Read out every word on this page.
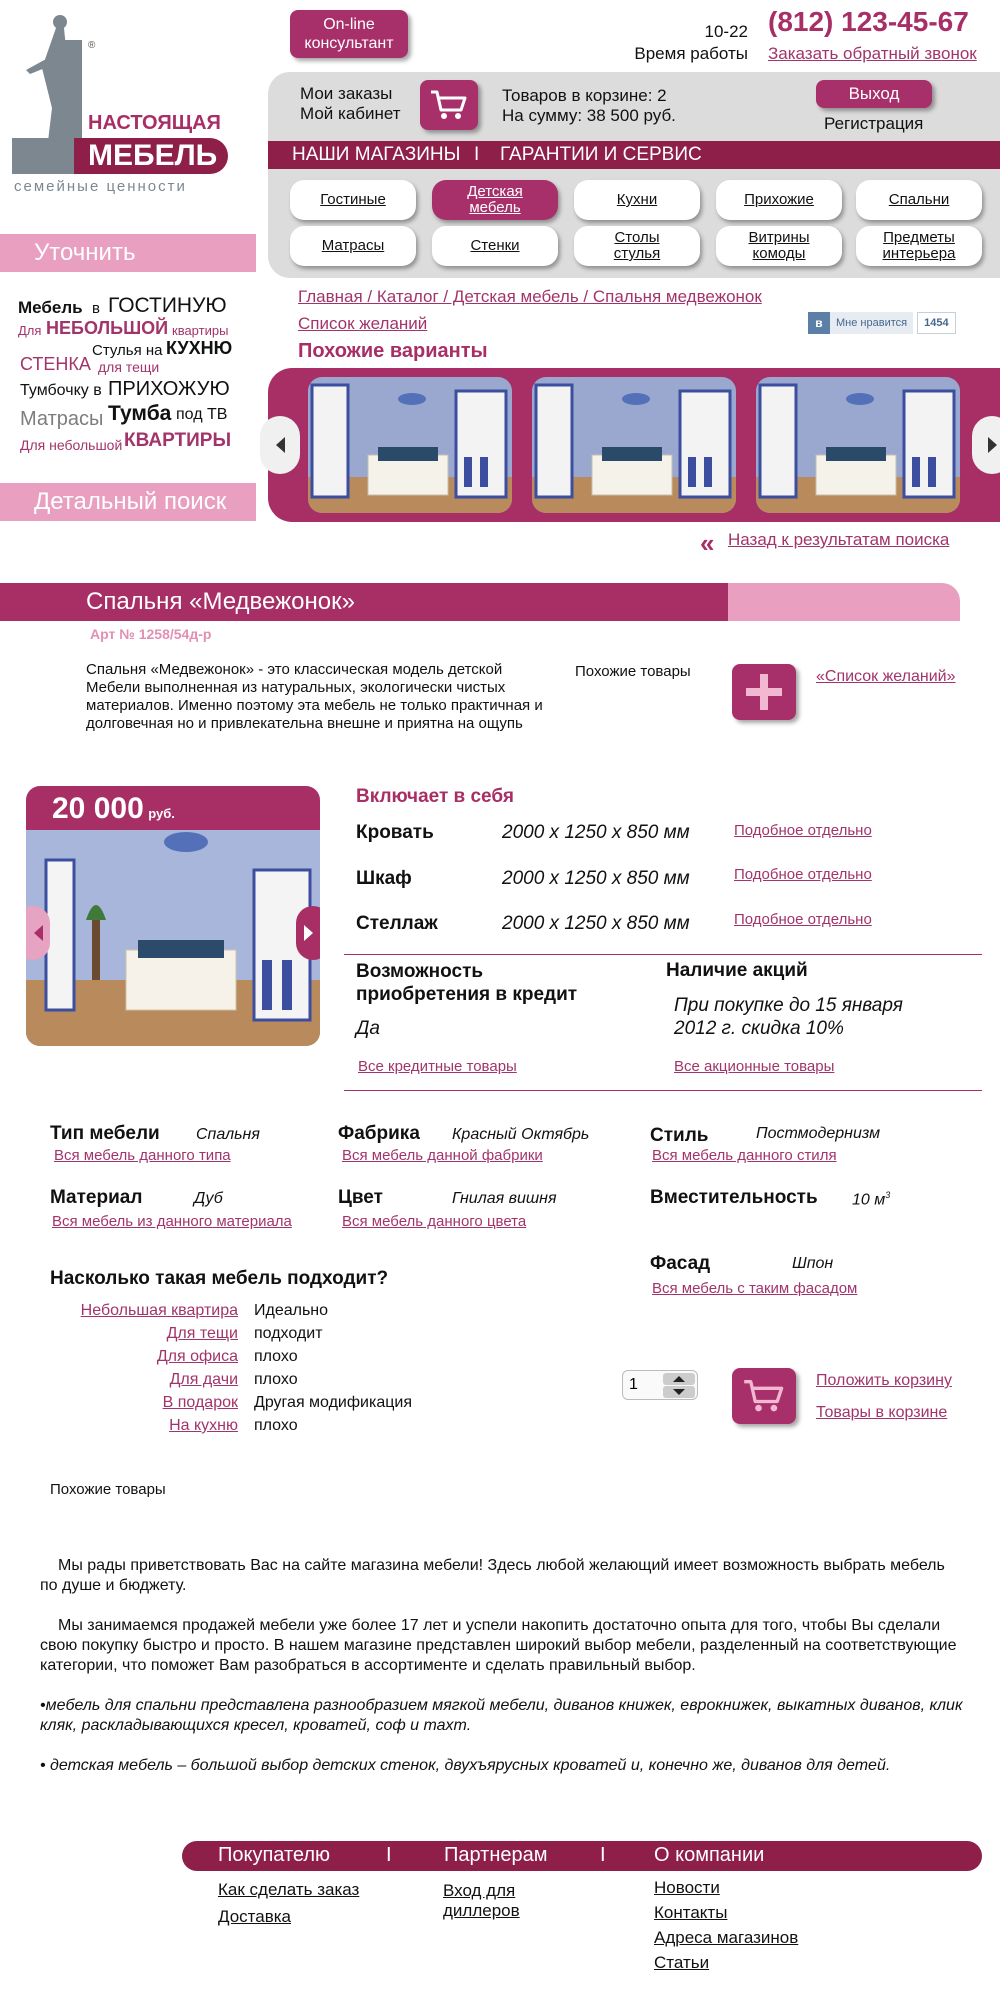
®
НАСТОЯЩАЯ
МЕБЕЛЬ
семейные ценности
On-line
консультант
10-22
Время работы
(812) 123-45-67
Заказать обратный звонок
Мои заказы
Мой кабинет
Товаров в корзине: 2
На сумму: 38 500 руб.
Выход
Регистрация
НАШИ МАГАЗИНЫ I ГАРАНТИИ И СЕРВИС
Гостиные	Детская мебель	Кухни	Прихожие	Спальни
Матрасы	Стенки	Столы стулья
Витрины комоды
Предметы интерьера
Уточнить
Мебель в ГОСТИНУЮ
Для НЕБОЛЬШОЙ квартиры
Стулья на КУХНЮ
СТЕНКА для тещи
Тумбочку в ПРИХОЖУЮ
Матрасы Тумба под ТВ
Для небольшой КВАРТИРЫ
Детальный поиск
Главная / Каталог / Детская мебель / Спальня медвежонок
Список желаний	в	Мне нравится	1454
Похожие варианты
« Назад к результатам поиска
Спальня «Медвежонок»
Арт № 1258/54д-р
Спальня «Медвежонок» - это классическая модель детской Мебели выполненная из натуральных, экологически чистых материалов. Именно поэтому эта мебель не только практичная и долговечная но и привлекательна внешне и приятна на ощупь
Похожие товары	«Список желаний»
20 000 руб.
Включает в себя
Кровать	2000 x 1250 x 850 мм	Подобное отдельно
Шкаф	2000 x 1250 x 850 мм	Подобное отдельно
Стеллаж	2000 x 1250 x 850 мм	Подобное отдельно
Возможность
приобретения в кредит
Да
Все кредитные товары
Наличие акций
При покупке до 15 января
2012 г. скидка 10%
Все акционные товары
Тип мебели Спальня
Вся мебель данного типа
Фабрика Красный Октябрь
Вся мебель данной фабрики
Стиль	Постмодернизм
Вся мебель данного стиля
Материал	Дуб
Вся мебель из данного материала
Цвет	Гнилая вишня
Вся мебель данного цвета
Вместительность 10 $м^3$
Фасад	Шпон
Вся мебель с таким фасадом
Насколько такая мебель подходит?
Небольшая квартира Идеально
Для тещи подходит
Для офиса плохо
Для дачи плохо
В подарок Другая модификация
На кухню плохо
1
Положить корзину
Товары в корзине
Похожие товары
Мы рады приветствовать Вас на сайте магазина мебели! Здесь любой желающий имеет возможность выбрать мебель по душе и бюджету.
Мы занимаемся продажей мебели уже более 17 лет и успели накопить достаточно опыта для того, чтобы Вы сделали свою покупку быстро и просто. В нашем магазине представлен широкий выбор мебели, разделенный на соответствующие категории, что поможет Вам разобраться в ассортименте и сделать правильный выбор.
•мебель для спальни представлена разнообразием мягкой мебели, диванов книжек, еврокнижек, выкатных диванов, клик кляк, раскладывающихся кресел, кроватей, соф и тахт.
• детская мебель – большой выбор детских стенок, двухъярусных кроватей и, конечно же, диванов для детей.
Покупателю	I	Партнерам	I О компании
Как сделать заказ
Доставка
Вход для
диллеров
Новости
Контакты
Адреса магазинов
Статьи
